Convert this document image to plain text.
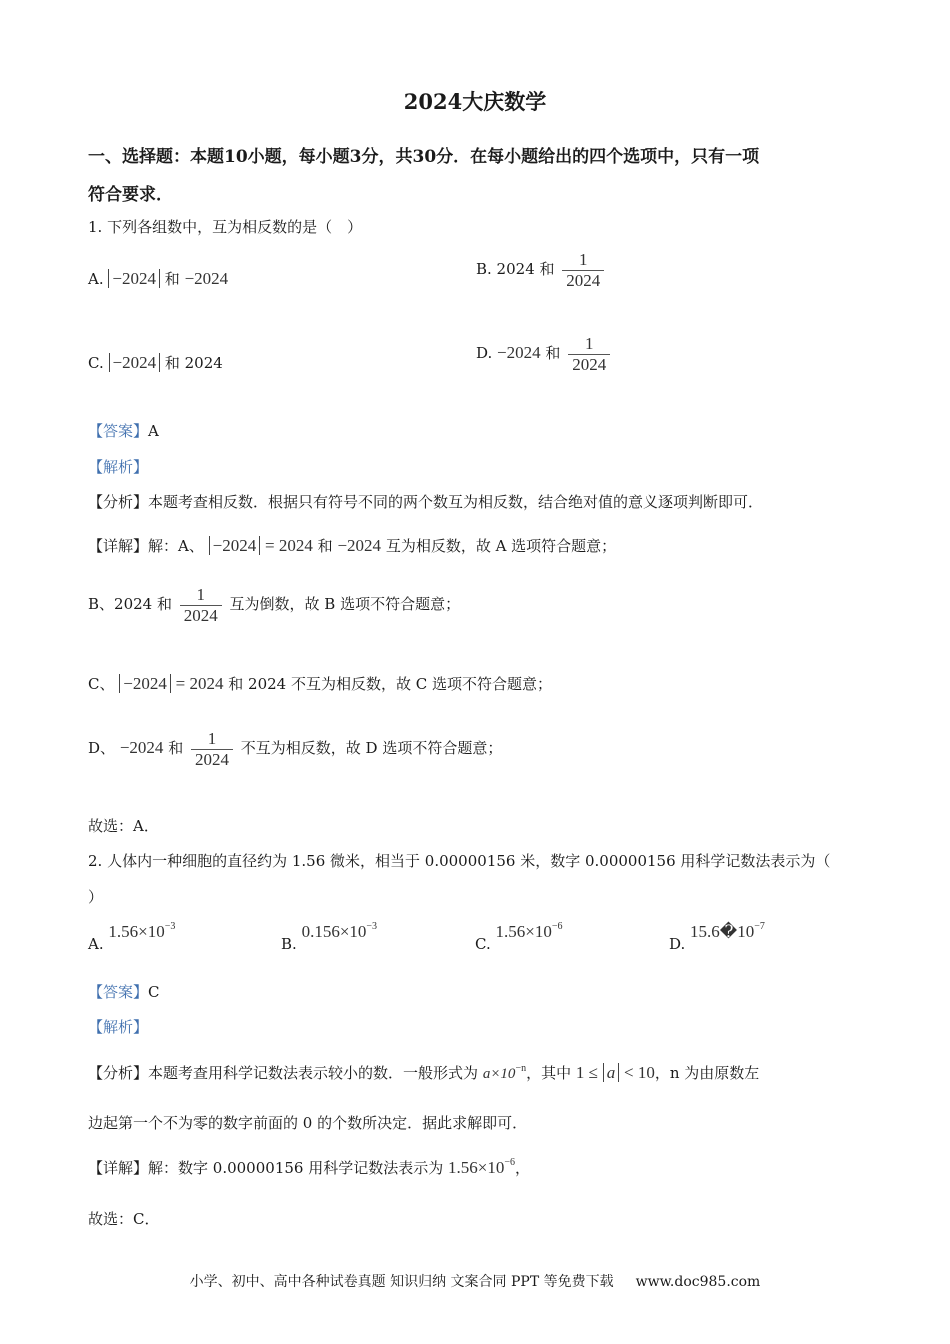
2024大庆数学
一、选择题：本题10小题，每小题3分，共30分．在每小题给出的四个选项中，只有一项
符合要求．
1. 下列各组数中，互为相反数的是（　）
A. −2024 和 −2024	B. 2024 和 $\frac{1}{2024}$
C. −2024 和 2024
D. −2024 和 $\frac{1}{2024}$
【答案】A
【解析】
【分析】本题考查相反数．根据只有符号不同的两个数互为相反数，结合绝对值的意义逐项判断即可．
【详解】解：A、 −2024 = 2024 和 −2024 互为相反数，故 A 选项符合题意；
B、2024 和 $\frac{1}{2024}$ 互为倒数，故 B 选项不符合题意；
C、 −2024 = 2024 和 2024 不互为相反数，故 C 选项不符合题意；
D、 −2024 和 $\frac{1}{2024}$ 不互为相反数，故 D 选项不符合题意；
故选：A．
2. 人体内一种细胞的直径约为 1.56 微米，相当于 0.00000156 米，数字 0.00000156 用科学记数法表示为（
）
A. $1.56\times 10^{-3}$
B. $0.156\times 10^{-3}$
C. $1.56\times 10^{-6}$
D. $15.6�10^{-7}$
【答案】C
【解析】
【分析】本题考查用科学记数法表示较小的数．一般形式为 $a\times 10^{-n}$，其中 1 ≤ a < 10，n 为由原数左
边起第一个不为零的数字前面的 0 的个数所决定．据此求解即可．
【详解】解：数字 0.00000156 用科学记数法表示为 $1.56\times 10^{-6}$，
故选：C．
小学、初中、高中各种试卷真题 知识归纳 文案合同 PPT 等免费下载 www.doc985.com
